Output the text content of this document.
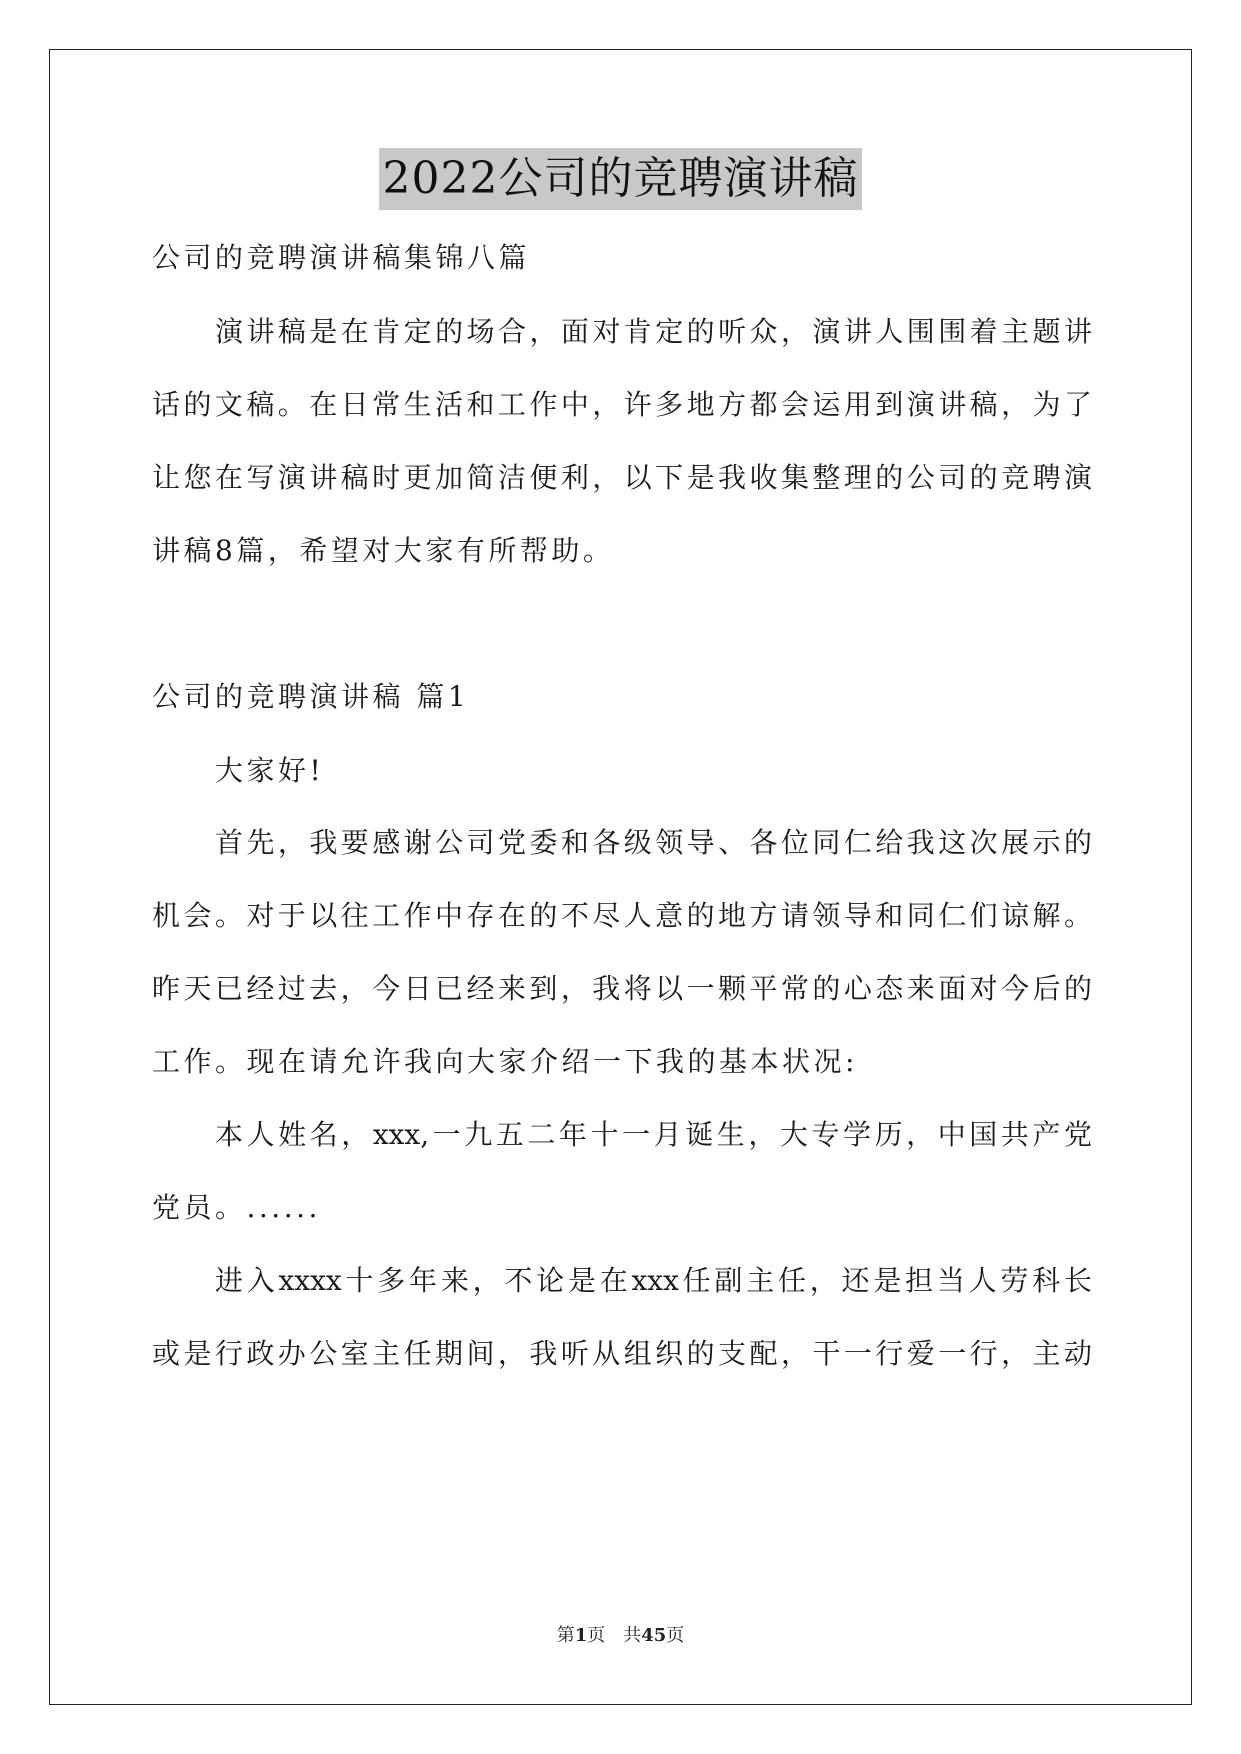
2022公司的竞聘演讲稿
公司的竞聘演讲稿集锦八篇
演讲稿是在肯定的场合，面对肯定的听众，演讲人围围着主题讲
话的文稿。在日常生活和工作中，许多地方都会运用到演讲稿，为了
让您在写演讲稿时更加简洁便利，以下是我收集整理的公司的竞聘演
讲稿8篇，希望对大家有所帮助。
公司的竞聘演讲稿 篇1
大家好!
首先，我要感谢公司党委和各级领导、各位同仁给我这次展示的
机会。对于以往工作中存在的不尽人意的地方请领导和同仁们谅解。
昨天已经过去，今日已经来到，我将以一颗平常的心态来面对今后的
工作。现在请允许我向大家介绍一下我的基本状况:
本人姓名，xxx,一九五二年十一月诞生，大专学历，中国共产党
党员。......
进入xxxx十多年来，不论是在xxx任副主任，还是担当人劳科长
或是行政办公室主任期间，我听从组织的支配，干一行爱一行，主动
第1页　共45页
